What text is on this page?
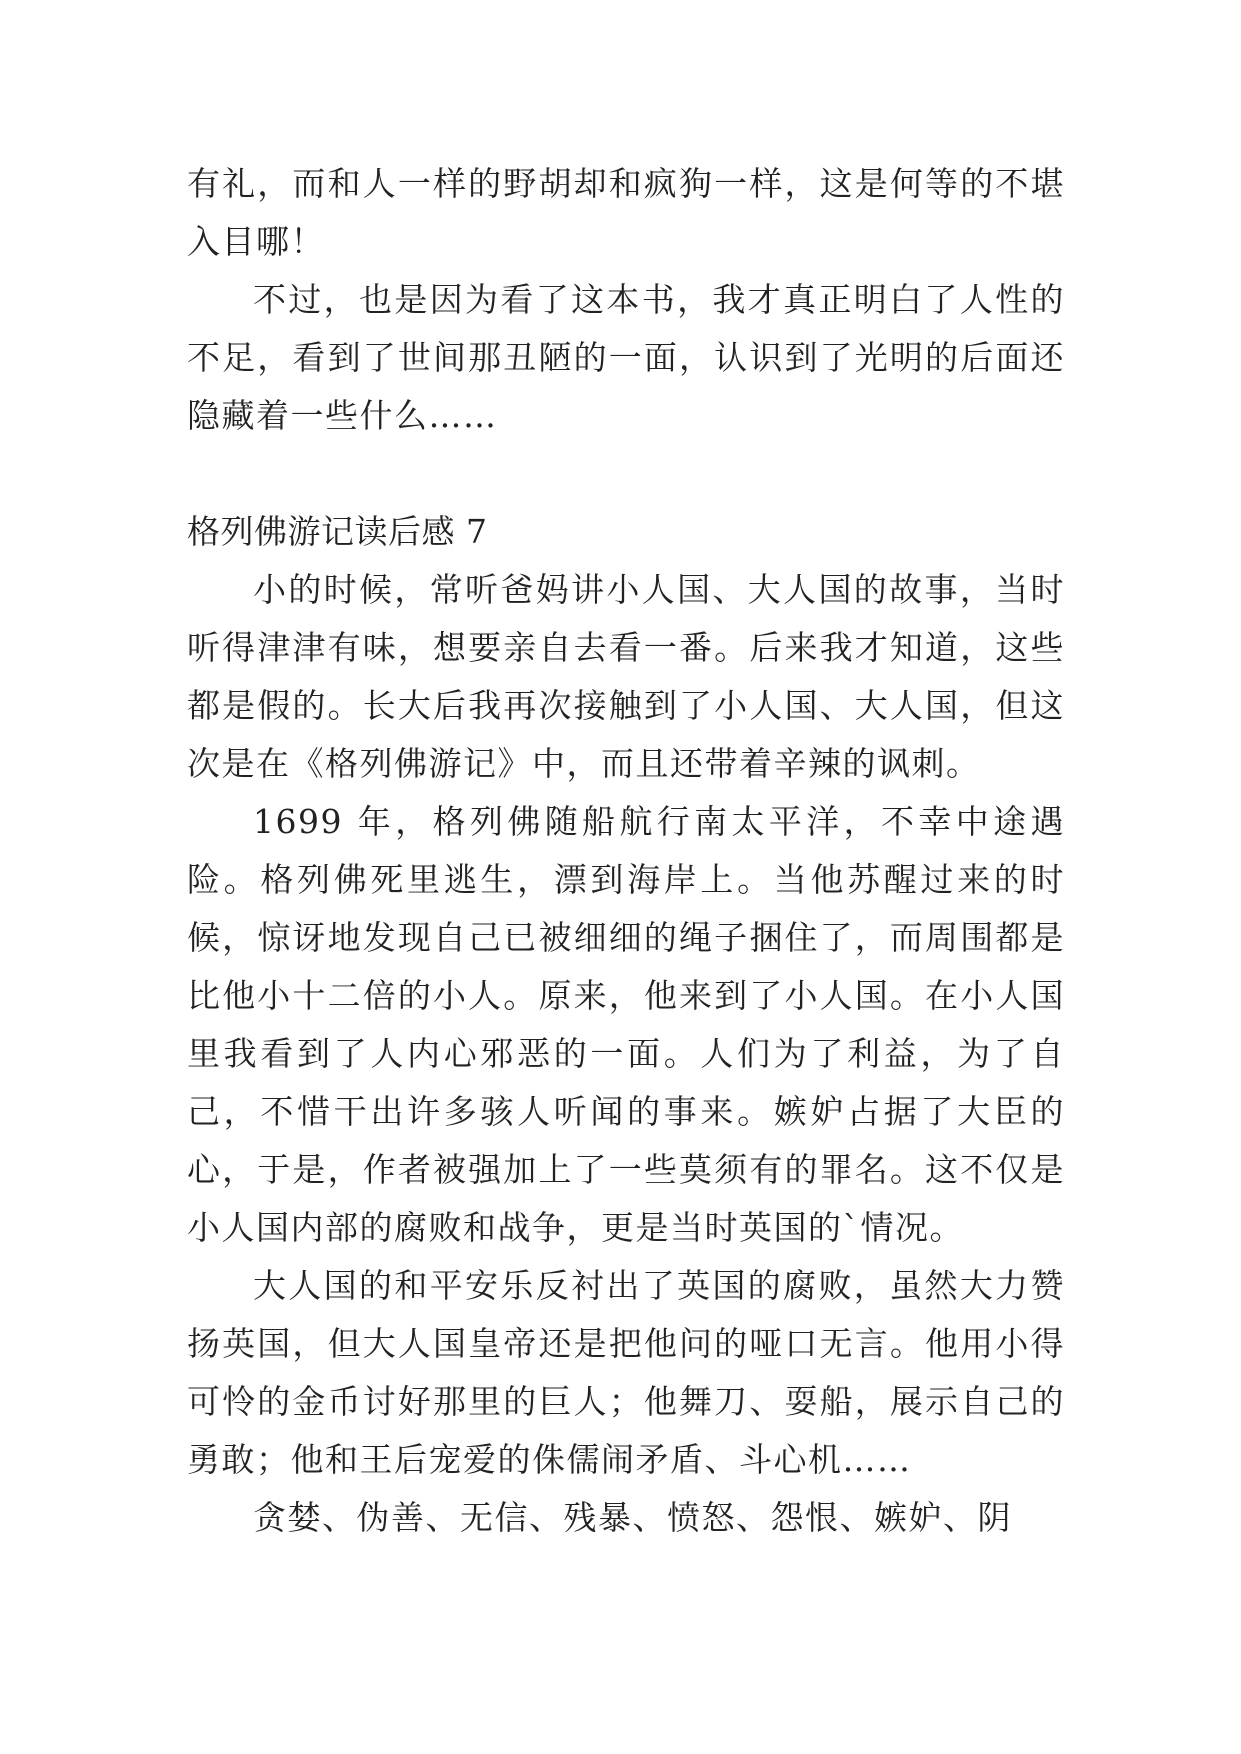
有礼，而和人一样的野胡却和疯狗一样，这是何等的不堪入目哪！

不过，也是因为看了这本书，我才真正明白了人性的不足，看到了世间那丑陋的一面，认识到了光明的后面还隐藏着一些什么……

格列佛游记读后感 7

小的时候，常听爸妈讲小人国、大人国的故事，当时听得津津有味，想要亲自去看一番。后来我才知道，这些都是假的。长大后我再次接触到了小人国、大人国，但这次是在《格列佛游记》中，而且还带着辛辣的讽刺。

1699 年，格列佛随船航行南太平洋，不幸中途遇险。格列佛死里逃生，漂到海岸上。当他苏醒过来的时候，惊讶地发现自己已被细细的绳子捆住了，而周围都是比他小十二倍的小人。原来，他来到了小人国。在小人国里我看到了人内心邪恶的一面。人们为了利益，为了自己，不惜干出许多骇人听闻的事来。嫉妒占据了大臣的心，于是，作者被强加上了一些莫须有的罪名。这不仅是小人国内部的腐败和战争，更是当时英国的`情况。

大人国的和平安乐反衬出了英国的腐败，虽然大力赞扬英国，但大人国皇帝还是把他问的哑口无言。他用小得可怜的金币讨好那里的巨人；他舞刀、耍船，展示自己的勇敢；他和王后宠爱的侏儒闹矛盾、斗心机……

贪婪、伪善、无信、残暴、愤怒、怨恨、嫉妒、阴
